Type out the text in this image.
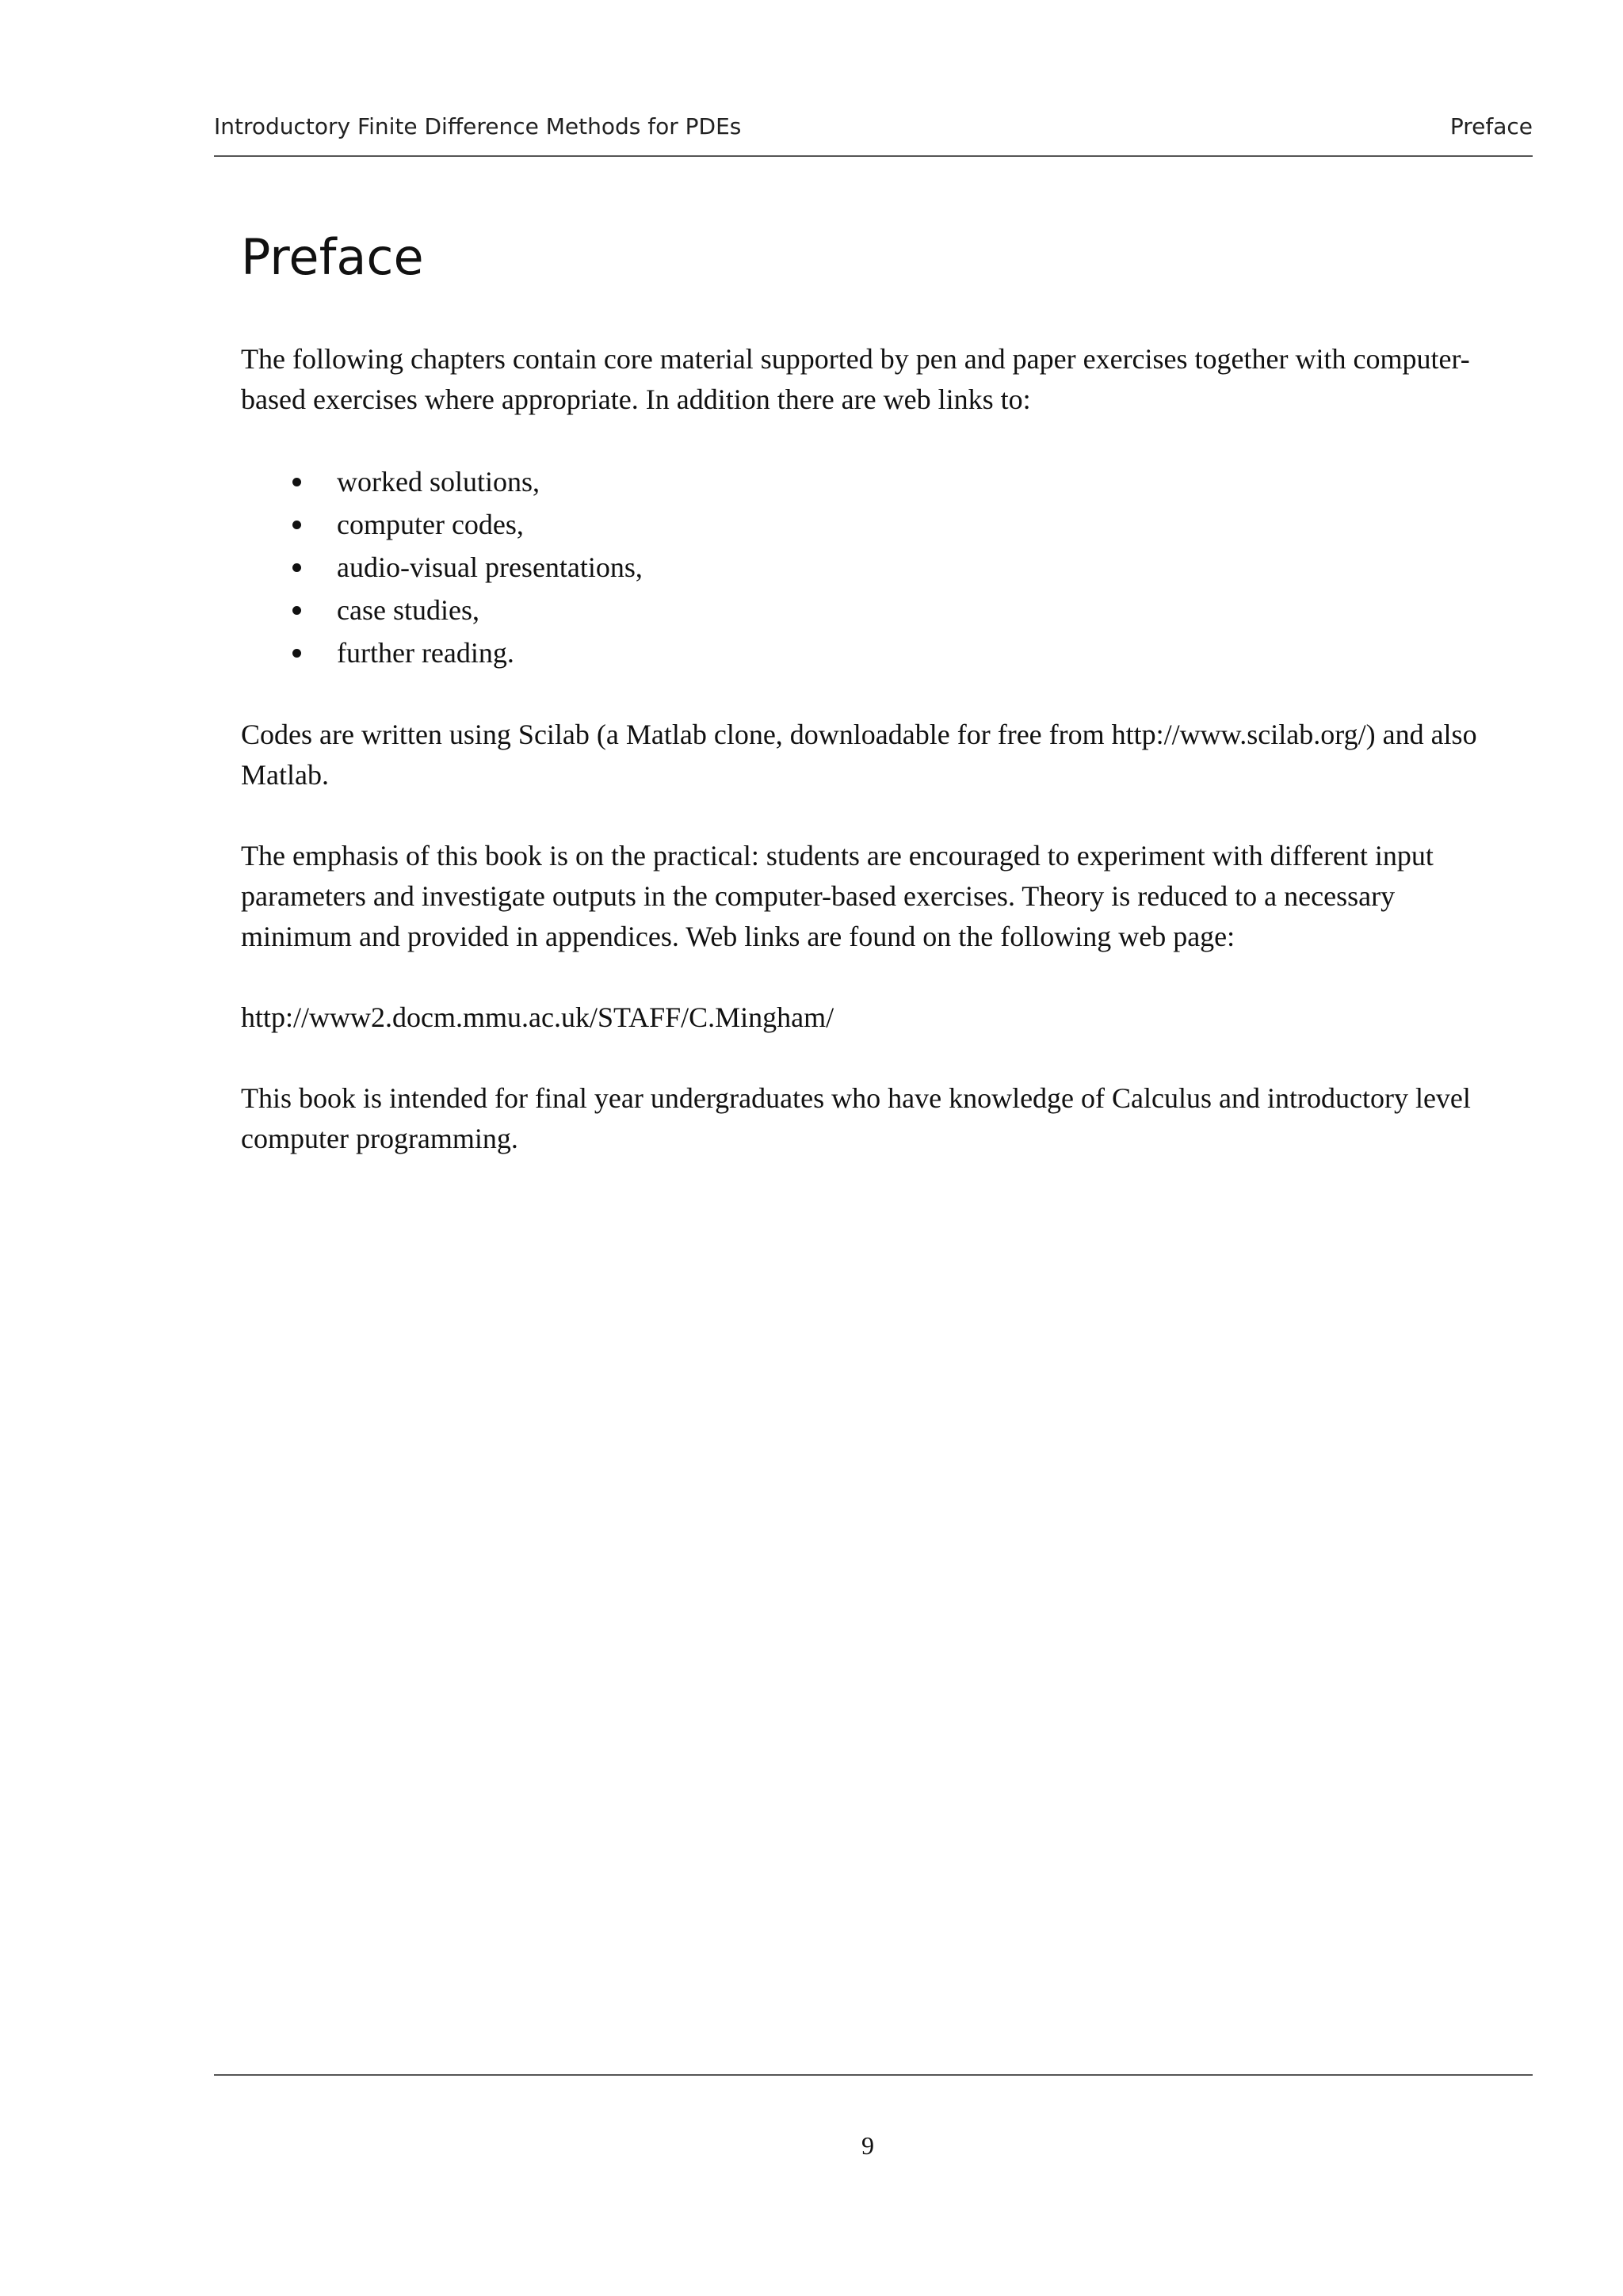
Introductory Finite Difference Methods for PDEs	Preface
Preface

The following chapters contain core material supported by pen and paper exercises together with computer-based exercises where appropriate. In addition there are web links to:

worked solutions,
computer codes,
audio-visual presentations,
case studies,
further reading.

Codes are written using Scilab (a Matlab clone, downloadable for free from http://www.scilab.org/) and also Matlab.

The emphasis of this book is on the practical: students are encouraged to experiment with different input parameters and investigate outputs in the computer-based exercises. Theory is reduced to a necessary minimum and provided in appendices. Web links are found on the following web page:

http://www2.docm.mmu.ac.uk/STAFF/C.Mingham/

This book is intended for final year undergraduates who have knowledge of Calculus and introductory level computer programming.

9
